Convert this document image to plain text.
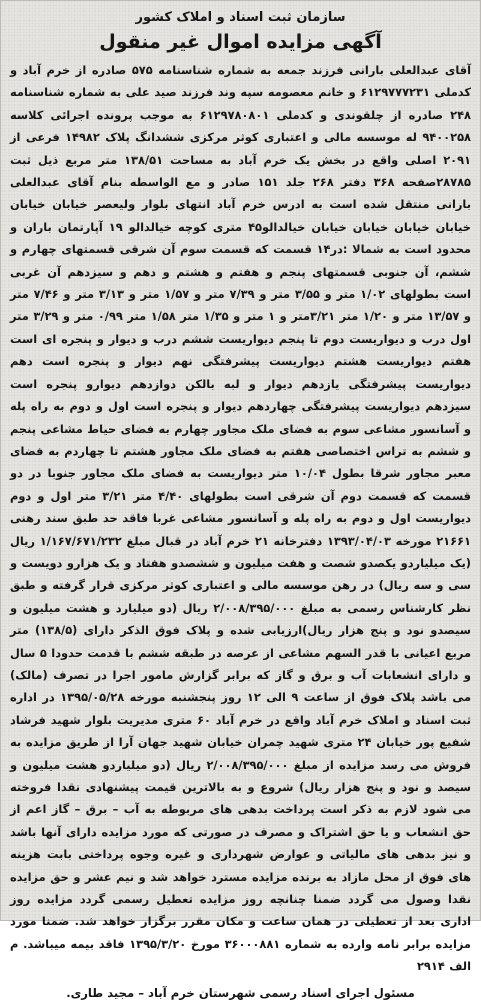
سازمان ثبت اسناد و املاک کشور
آگهی مزایده اموال غیر منقول
آقای عبدالعلی بارانی فرزند جمعه به شماره شناسنامه ۵۷۵ صادره از خرم آباد و کدملی ۶۱۲۹۷۷۷۲۳۱ و خانم معصومه سپه وند فرزند صید علی به شماره شناسنامه ۲۴۸ صادره از چلقوندی و کدملی ۶۱۲۹۷۸۰۸۰۱ به موجب پرونده اجرائی کلاسه ۹۴۰۰۲۵۸ له موسسه مالی و اعتباری کوثر مرکزی ششدانگ پلاک ۱۴۹۸۲ فرعی از ۲۰۹۱ اصلی واقع در بخش یک خرم آباد به مساحت ۱۳۸/۵۱ متر مربع ذیل ثبت ۲۸۷۸۵صفحه ۳۶۸ دفتر ۲۶۸ جلد ۱۵۱ صادر و مع الواسطه بنام آقای عبدالعلی بارانی منتقل شده است به ادرس خرم آباد انتهای بلوار ولیعصر خیابان خیابان خیابان خیابان خیابان خیابان خیالدالو۴۵ متری کوچه خیالدالو ۱۹ آپارتمان باران و محدود است به شمالا :در۱۴ قسمت که قسمت سوم آن شرقی قسمتهای چهارم و ششم، آن جنوبی قسمتهای پنجم و هفتم و هشتم و دهم و سیزدهم آن غربی است بطولهای ۱/۰۲ متر و ۳/۵۵ متر و ۷/۳۹ متر و ۱/۵۷ متر و ۳/۱۳ متر و ۷/۴۶ متر و ۱۳/۵۷ متر و ۱/۲۰ متر ۳/۲۱متر و ۱ متر و ۱/۳۵ متر ۱/۵۸ متر ۰/۹۹ متر و ۳/۲۹ متر اول درب و دیواریست دوم تا پنجم دیواریست ششم درب و دیوار و پنجره ای است هفتم دیواریست هشتم دیواریست پیشرفتگی نهم دیوار و پنجره است دهم دیواریست پیشرفتگی یازدهم دیوار و لبه بالکن دوازدهم دیوارو پنجره است سیزدهم دیواریست پیشرفتگی چهاردهم دیوار و پنجره است اول و دوم به راه پله و آسانسور مشاعی سوم به فضای ملک مجاور چهارم به فضای حیاط مشاعی پنجم و ششم به تراس اختصاصی هفتم به فضای ملک مجاور هشتم تا چهاردم به فضای معبر مجاور شرقا بطول ۱۰/۰۴ متر دیواریست به فضای ملک مجاور جنوبا در دو قسمت که قسمت دوم آن شرقی است بطولهای ۴/۴۰ متر ۳/۲۱ متر اول و دوم دیواریست اول و دوم به راه پله و آسانسور مشاعی غربا فاقد حد طبق سند رهنی ۲۱۶۶۱ مورخه ۱۳۹۳/۰۴/۰۳ دفترخانه ۲۱ خرم آباد در قبال مبلغ ۱/۱۶۷/۶۷۱/۲۳۲ ریال (یک میلیاردو یکصدو شصت و هفت میلیون و ششصدو هفتاد و یک هزارو دویست و سی و سه ریال) در رهن موسسه مالی و اعتباری کوثر مرکزی قرار گرفته و طبق نظر کارشناس رسمی به مبلغ ۲/۰۰۸/۳۹۵/۰۰۰ ریال (دو میلیارد و هشت میلیون و سیصدو نود و پنج هزار ریال)ارزیابی شده و پلاک فوق الذکر دارای (۱۳۸/۵) متر مربع اعیانی با قدر السهم مشاعی از عرصه در طبقه ششم با قدمت حدودا ۵ سال و دارای انشعابات آب و برق و گاز که برابر گزارش مامور اجرا در تصرف (مالک) می باشد پلاک فوق از ساعت ۹ الی ۱۲ روز پنجشنبه مورخه ۱۳۹۵/۰۵/۲۸ در اداره ثبت اسناد و املاک خرم آباد واقع در خرم آباد ۶۰ متری مدیریت بلوار شهید فرشاد شفیع پور خیابان ۲۴ متری شهید چمران خیابان شهید جهان آرا از طریق مزایده به فروش می رسد مزایده از مبلغ ۲/۰۰۸/۳۹۵/۰۰۰ ریال (دو میلیاردو هشت میلیون و سیصد و نود و پنج هزار ریال) شروع و به بالاترین قیمت پیشنهادی نقدا فروخته می شود لازم به ذکر است پرداخت بدهی های مربوطه به آب – برق – گاز اعم از حق انشعاب و یا حق اشتراک و مصرف در صورتی که مورد مزایده دارای آنها باشد و نیز بدهی های مالیاتی و عوارض شهرداری و غیره وجوه پرداختی بابت هزینه های فوق از محل مازاد به برنده مزایده مسترد خواهد شد و نیم عشر و حق مزایده نقدا وصول می گردد ضمنا چنانچه روز مزایده تعطیل رسمی گردد مزایده روز اداری بعد از تعطیلی در همان ساعت و مکان مقرر برگزار خواهد شد. ضمنا مورد مزایده برابر نامه وارده به شماره ۳۶۰۰۰۸۸۱ مورخ ۱۳۹۵/۳/۲۰ فاقد بیمه میباشد. م الف ۲۹۱۴
مسئول اجرای اسناد رسمی شهرستان خرم آباد – مجید طاری.
